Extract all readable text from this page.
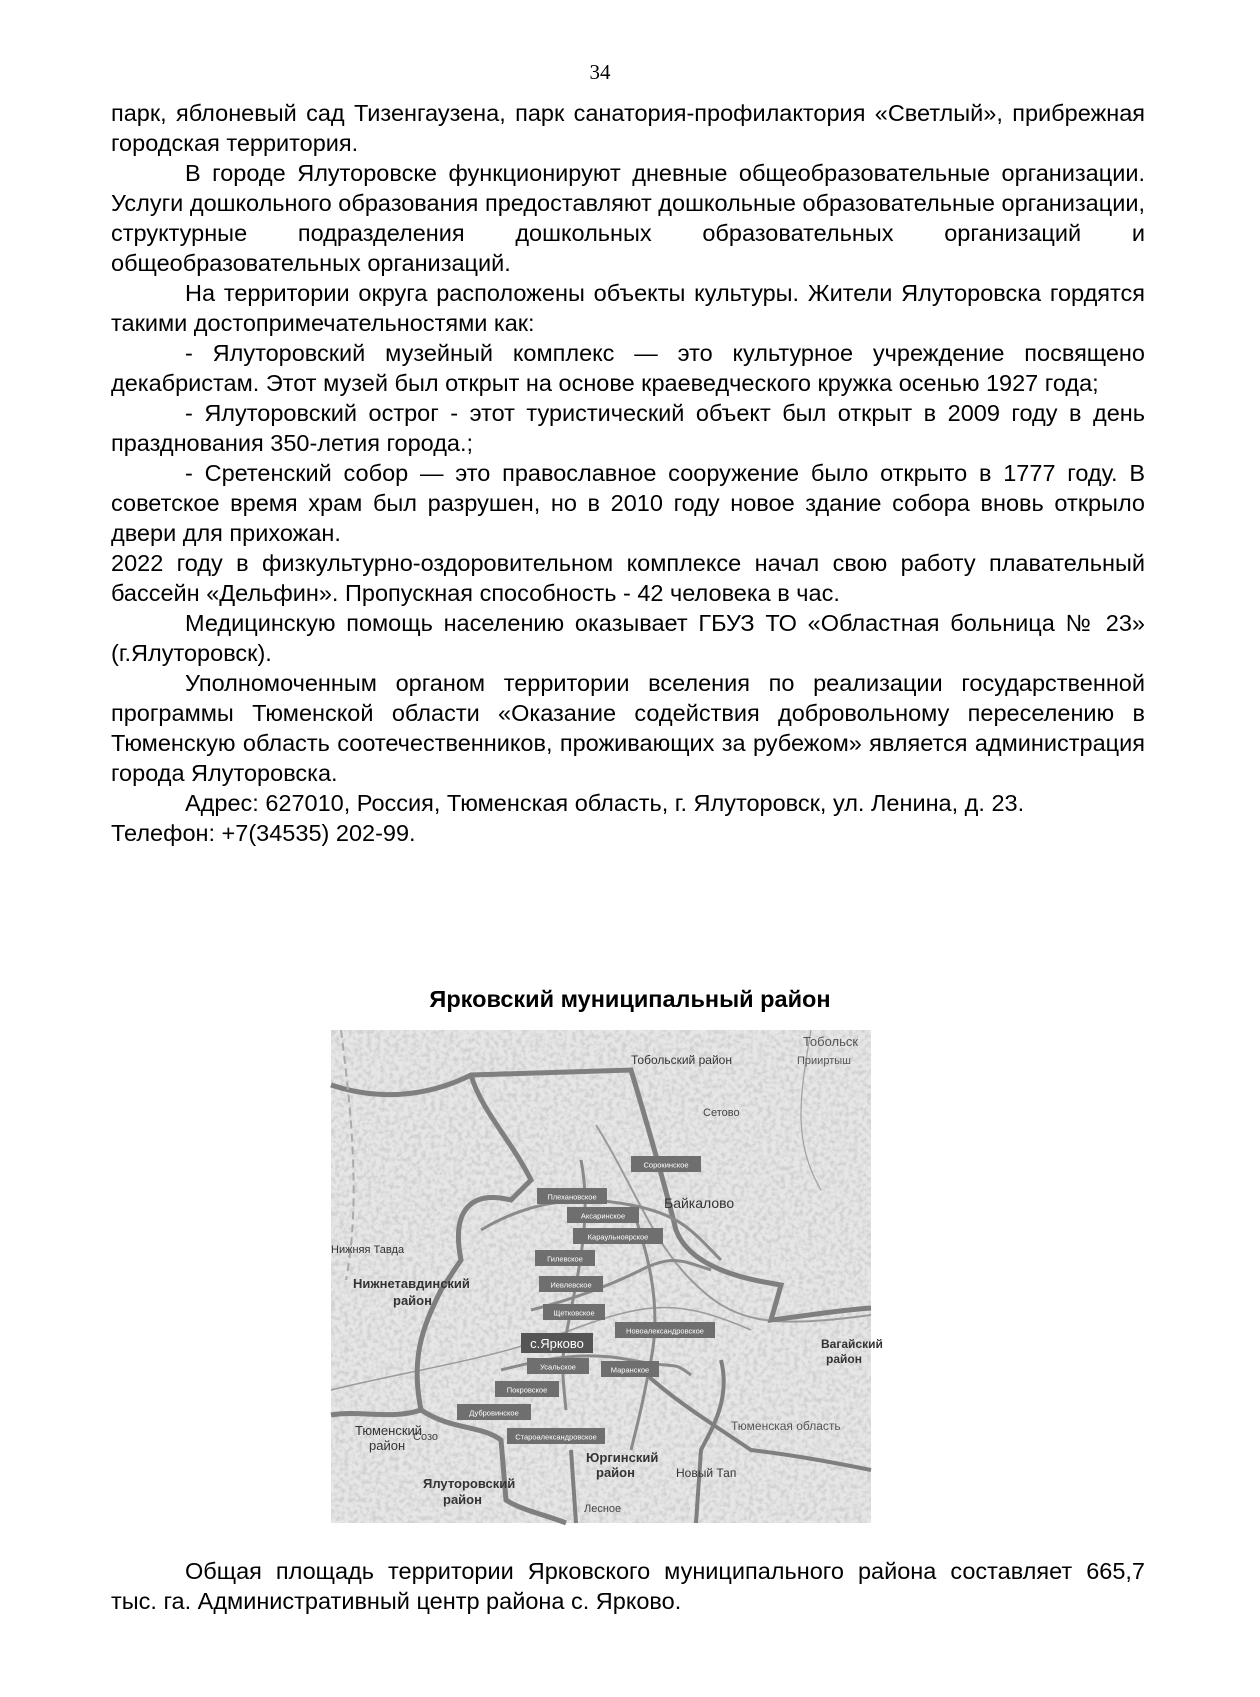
34

парк, яблоневый сад Тизенгаузена, парк санатория-профилактория «Светлый», прибрежная городская территория.

В городе Ялуторовске функционируют дневные общеобразовательные организации. Услуги дошкольного образования предоставляют дошкольные образовательные организации, структурные подразделения дошкольных образовательных организаций и общеобразовательных организаций.

На территории округа расположены объекты культуры. Жители Ялуторовска гордятся такими достопримечательностями как:

- Ялуторовский музейный комплекс — это культурное учреждение посвящено декабристам. Этот музей был открыт на основе краеведческого кружка осенью 1927 года;

- Ялуторовский острог - этот туристический объект был открыт в 2009 году в день празднования 350-летия города.;

- Сретенский собор — это православное сооружение было открыто в 1777 году. В советское время храм был разрушен, но в 2010 году новое здание собора вновь открыло двери для прихожан.

2022 году в физкультурно-оздоровительном комплексе начал свою работу плавательный бассейн «Дельфин». Пропускная способность - 42 человека в час.

Медицинскую помощь населению оказывает ГБУЗ ТО «Областная больница № 23» (г.Ялуторовск).

Уполномоченным органом территории вселения по реализации государственной программы Тюменской области «Оказание содействия добровольному переселению в Тюменскую область соотечественников, проживающих за рубежом» является администрация города Ялуторовска.

Адрес: 627010, Россия, Тюменская область, г. Ялуторовск, ул. Ленина, д. 23.

Телефон: +7(34535) 202-99.

Ярковский муниципальный район
Тобольский район
Тобольск
Прииртыш
Сетово
Байкалово
Нижняя Тавда
Нижнетавдинский
район
Вагайский
район
Тюменская область
Тюменский
район
Созо
Юргинский
район	Новый Тап
Ялуторовский
район
Лесное
Сорокинское
Плехановское
Аксаринское
Караульноярское
Гилевское
Иевлевское
Щетковское
Новоалександровское
с.Ярково
Усальское	Маранское
Покровское
Дубровинское
Староалександровское

Общая площадь территории Ярковского муниципального района составляет 665,7 тыс. га. Административный центр района с. Ярково.
